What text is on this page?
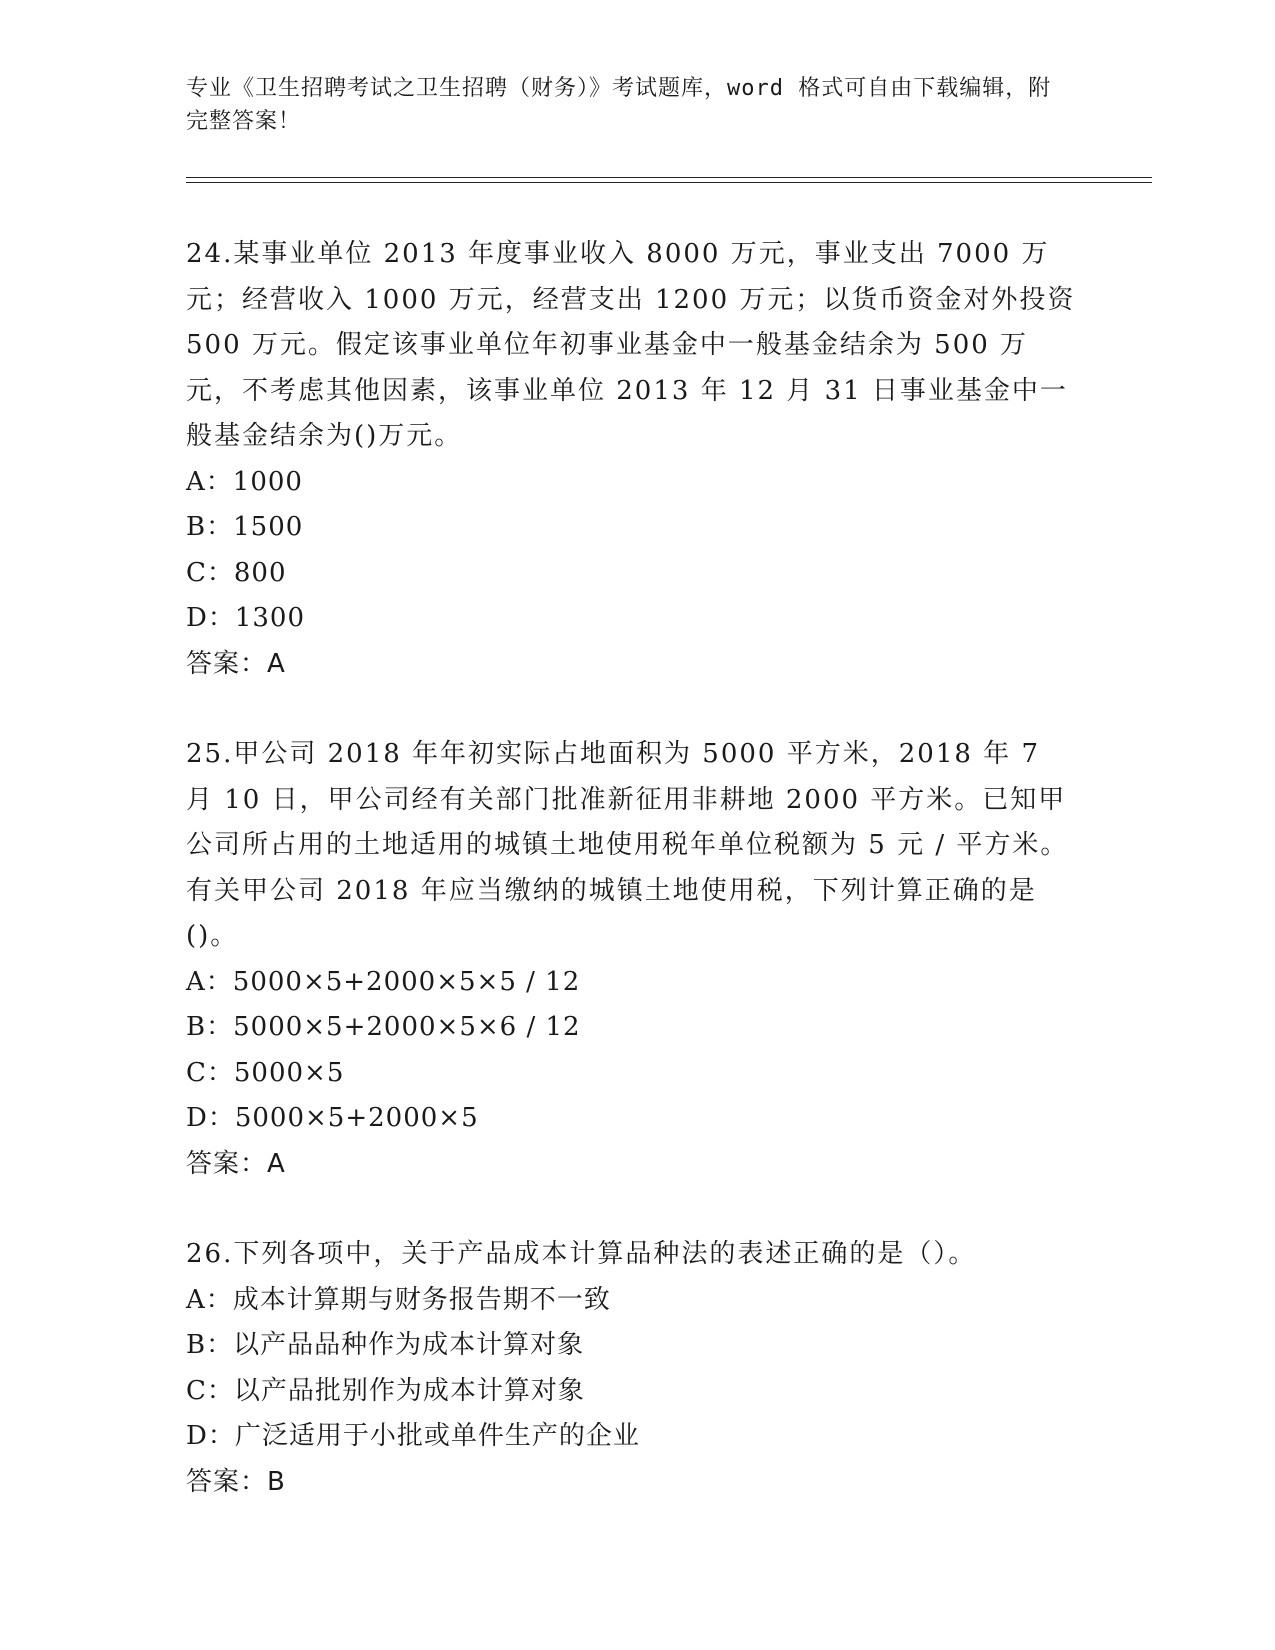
专业《卫生招聘考试之卫生招聘（财务）》考试题库，word 格式可自由下载编辑，附完整答案！

24.某事业单位 2013 年度事业收入 8000 万元，事业支出 7000 万元；经营收入 1000 万元，经营支出 1200 万元；以货币资金对外投资 500 万元。假定该事业单位年初事业基金中一般基金结余为 500 万元，不考虑其他因素，该事业单位 2013 年 12 月 31 日事业基金中一般基金结余为()万元。

A：1000

B：1500

C：800

D：1300

答案：A

25.甲公司 2018 年年初实际占地面积为 5000 平方米，2018 年 7 月 10 日，甲公司经有关部门批准新征用非耕地 2000 平方米。已知甲公司所占用的土地适用的城镇土地使用税年单位税额为 5 元 / 平方米。有关甲公司 2018 年应当缴纳的城镇土地使用税，下列计算正确的是()。

A：5000×5+2000×5×5 / 12

B：5000×5+2000×5×6 / 12

C：5000×5

D：5000×5+2000×5

答案：A

26.下列各项中，关于产品成本计算品种法的表述正确的是（）。

A：成本计算期与财务报告期不一致

B：以产品品种作为成本计算对象

C：以产品批别作为成本计算对象

D：广泛适用于小批或单件生产的企业

答案：B
